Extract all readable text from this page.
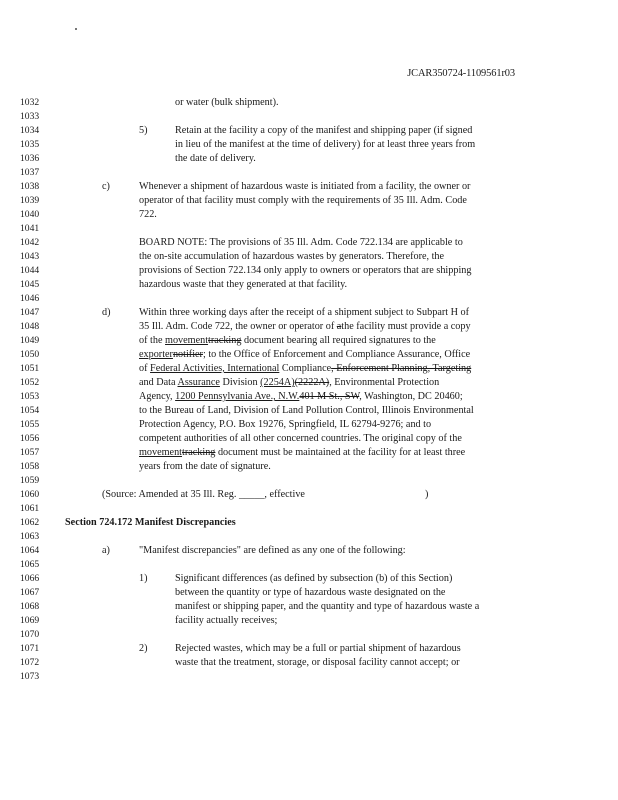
JCAR350724-1109561r03
1032
1033
1034
1035
1036
1037
1038
1039
1040
1041
1042
1043
1044
1045
1046
1047
1048
1049
1050
1051
1052
1053
1054
1055
1056
1057
1058
1059
1060
1061
1062
1063
1064
1065
1066
1067
1068
1069
1070
1071
1072
1073
or water (bulk shipment).
5)	Retain at the facility a copy of the manifest and shipping paper (if signed
in lieu of the manifest at the time of delivery) for at least three years from
the date of delivery.
c)	Whenever a shipment of hazardous waste is initiated from a facility, the owner or
operator of that facility must comply with the requirements of 35 Ill. Adm. Code
722.
BOARD NOTE: The provisions of 35 Ill. Adm. Code 722.134 are applicable to
the on-site accumulation of hazardous wastes by generators. Therefore, the
provisions of Section 722.134 only apply to owners or operators that are shipping
hazardous waste that they generated at that facility.
d)	Within three working days after the receipt of a shipment subject to Subpart H of
35 Ill. Adm. Code 722, the owner or operator of athe facility must provide a copy
of the movementtracking document bearing all required signatures to the
exporternotifier; to the Office of Enforcement and Compliance Assurance, Office
of Federal Activities, International Compliance, Enforcement Planning, Targeting
and Data Assurance Division (2254A)(2222A), Environmental Protection
Agency, 1200 Pennsylvania Ave., N.W.401 M St., SW, Washington, DC 20460;
to the Bureau of Land, Division of Land Pollution Control, Illinois Environmental
Protection Agency, P.O. Box 19276, Springfield, IL 62794-9276; and to
competent authorities of all other concerned countries. The original copy of the
movementtracking document must be maintained at the facility for at least three
years from the date of signature.
(Source: Amended at 35 Ill. Reg. _____, effective	)
Section 724.172 Manifest Discrepancies
a)	"Manifest discrepancies" are defined as any one of the following:
1)	Significant differences (as defined by subsection (b) of this Section)
between the quantity or type of hazardous waste designated on the
manifest or shipping paper, and the quantity and type of hazardous waste a
facility actually receives;
2)	Rejected wastes, which may be a full or partial shipment of hazardous
waste that the treatment, storage, or disposal facility cannot accept; or
